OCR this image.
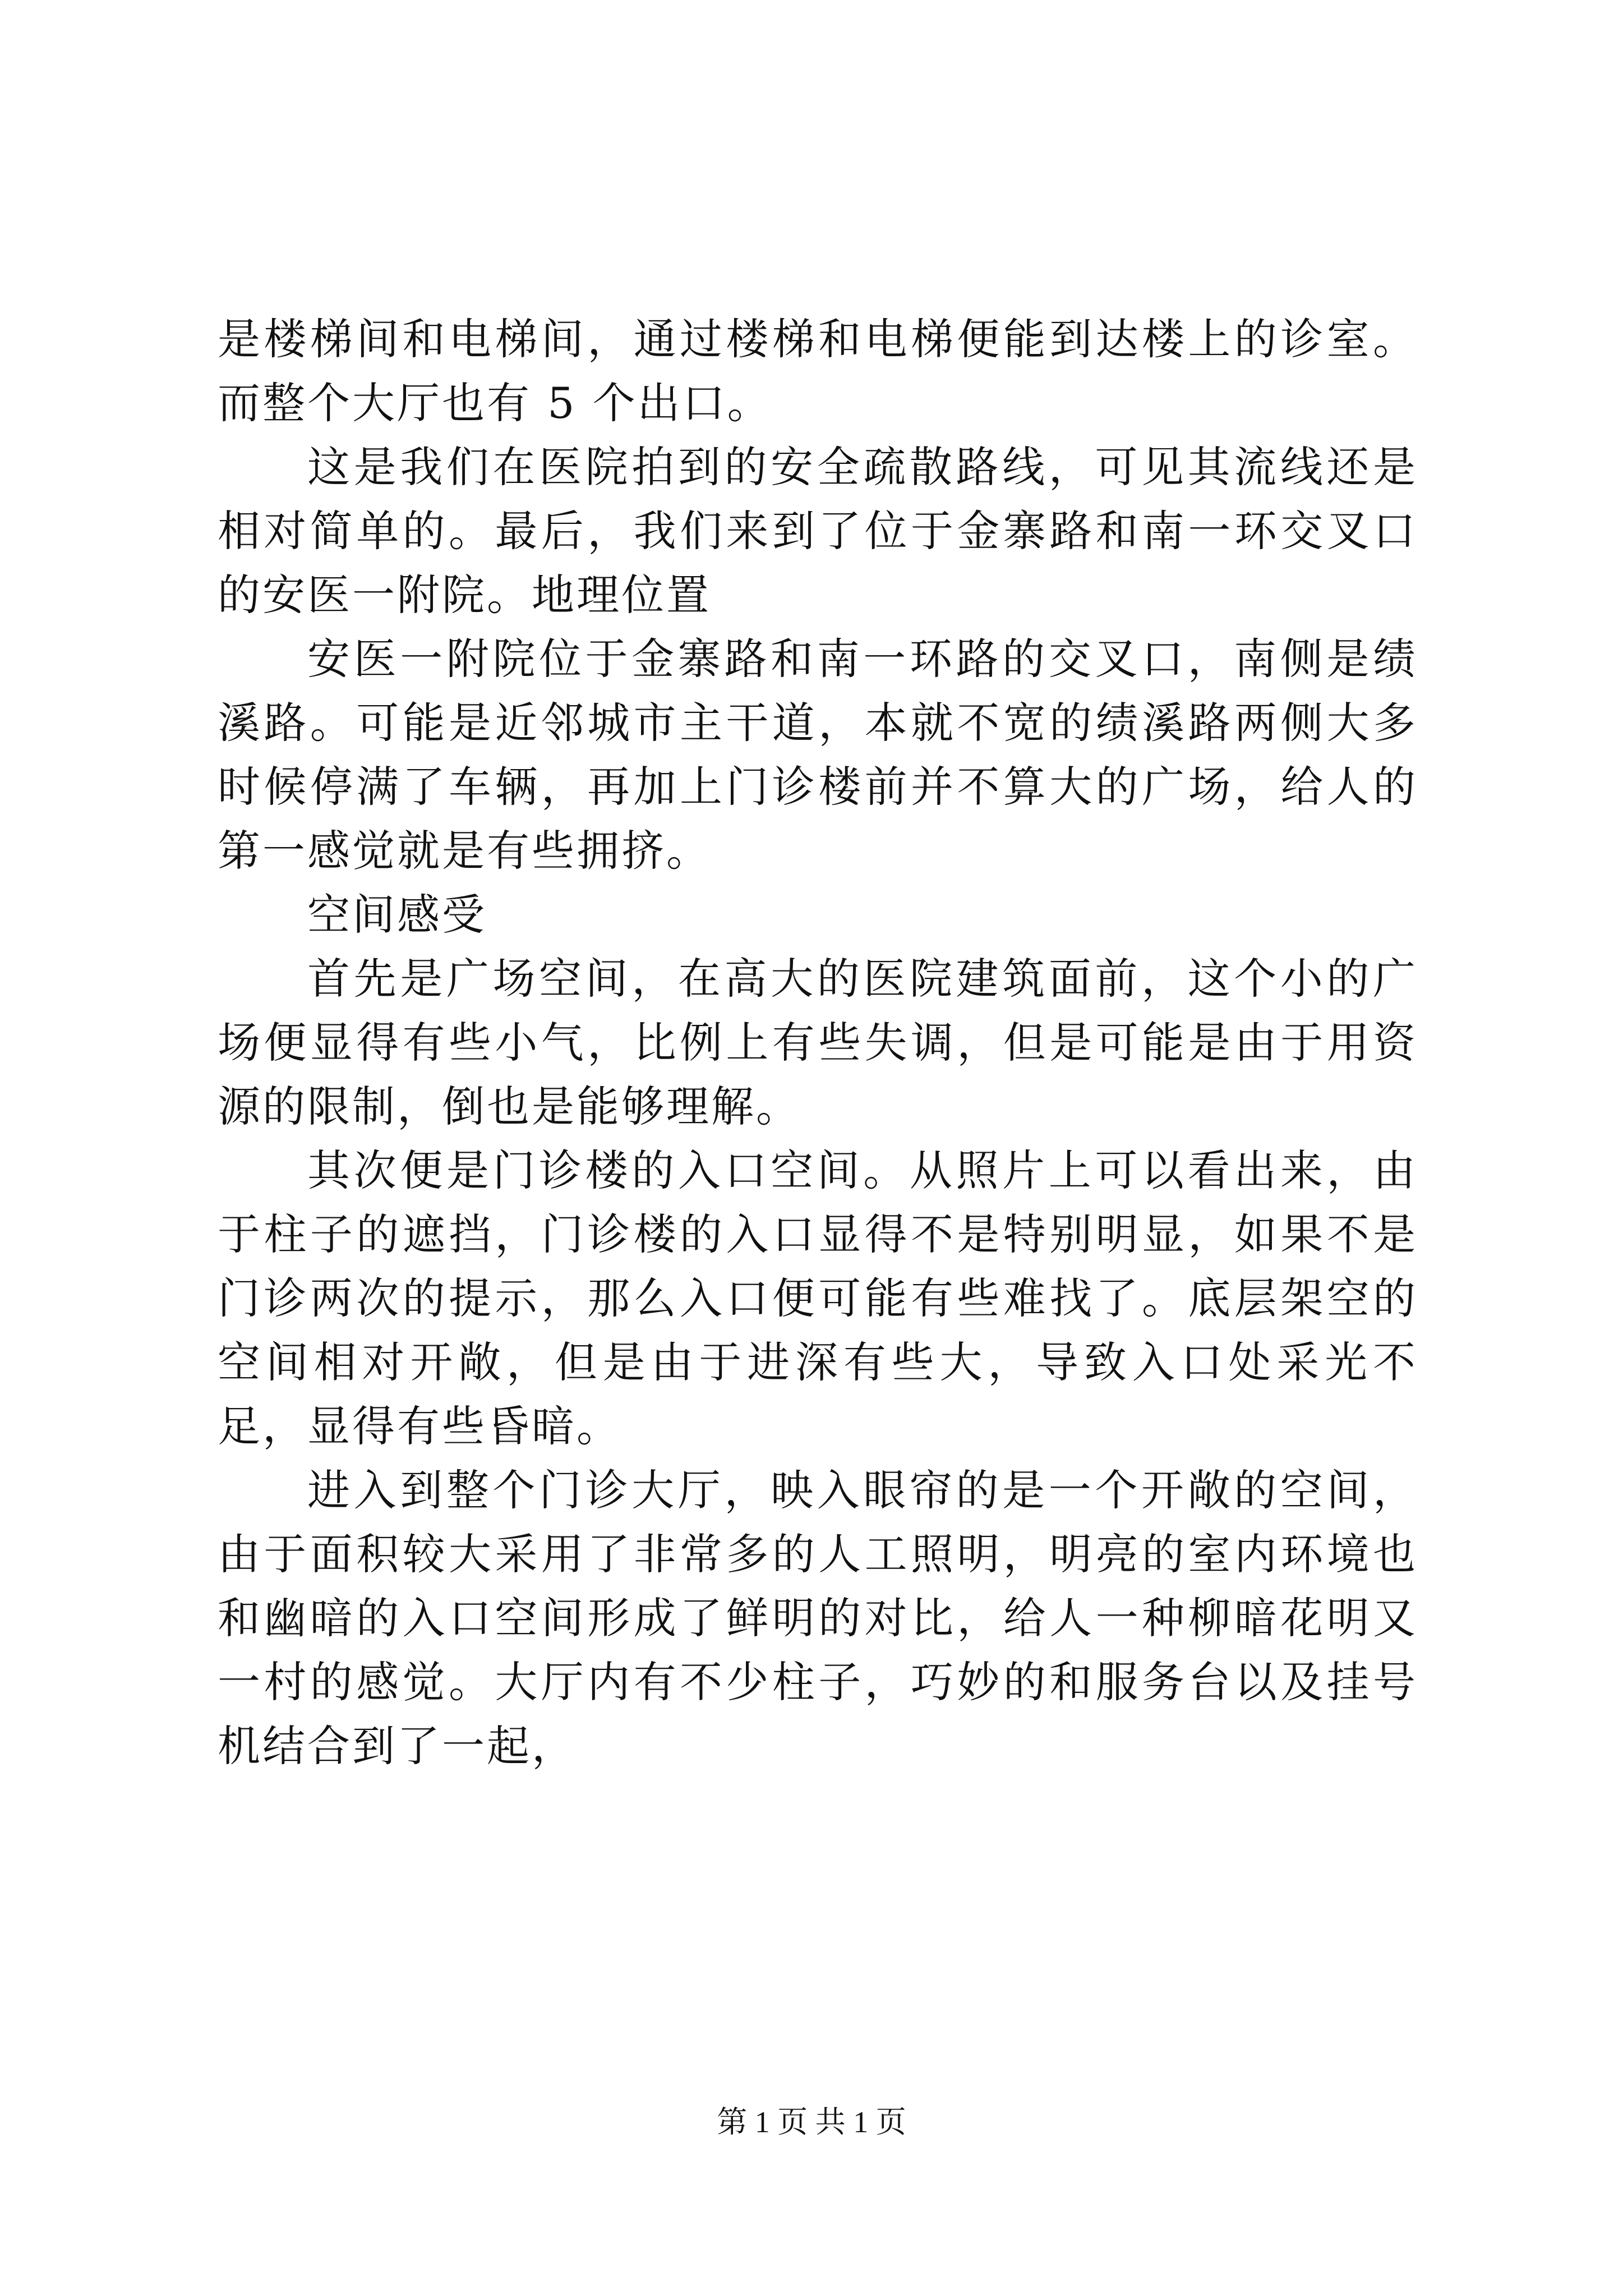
是楼梯间和电梯间，通过楼梯和电梯便能到达楼上的诊室。而整个大厅也有 5 个出口。

这是我们在医院拍到的安全疏散路线，可见其流线还是相对简单的。最后，我们来到了位于金寨路和南一环交叉口的安医一附院。地理位置

安医一附院位于金寨路和南一环路的交叉口，南侧是绩溪路。可能是近邻城市主干道，本就不宽的绩溪路两侧大多时候停满了车辆，再加上门诊楼前并不算大的广场，给人的第一感觉就是有些拥挤。

空间感受

首先是广场空间，在高大的医院建筑面前，这个小的广场便显得有些小气，比例上有些失调，但是可能是由于用资源的限制，倒也是能够理解。

其次便是门诊楼的入口空间。从照片上可以看出来，由于柱子的遮挡，门诊楼的入口显得不是特别明显，如果不是门诊两次的提示，那么入口便可能有些难找了。底层架空的空间相对开敞，但是由于进深有些大，导致入口处采光不足，显得有些昏暗。

进入到整个门诊大厅，映入眼帘的是一个开敞的空间，由于面积较大采用了非常多的人工照明，明亮的室内环境也和幽暗的入口空间形成了鲜明的对比，给人一种柳暗花明又一村的感觉。大厅内有不少柱子，巧妙的和服务台以及挂号机结合到了一起，

第 1 页 共 1 页
